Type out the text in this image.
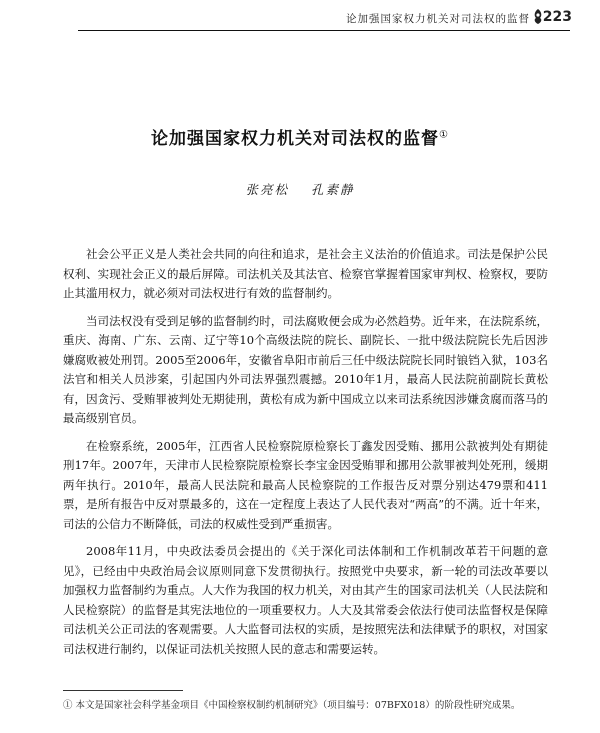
论加强国家权力机关对司法权的监督 223
论加强国家权力机关对司法权的监督①
张亮松 孔素静

社会公平正义是人类社会共同的向往和追求，是社会主义法治的价值追求。司法是保护公民权利、实现社会正义的最后屏障。司法机关及其法官、检察官掌握着国家审判权、检察权，要防止其滥用权力，就必须对司法权进行有效的监督制约。

当司法权没有受到足够的监督制约时，司法腐败便会成为必然趋势。近年来，在法院系统，重庆、海南、广东、云南、辽宁等10个高级法院的院长、副院长、一批中级法院院长先后因涉嫌腐败被处刑罚。2005至2006年，安徽省阜阳市前后三任中级法院院长同时锒铛入狱，103名法官和相关人员涉案，引起国内外司法界强烈震撼。2010年1月，最高人民法院前副院长黄松有，因贪污、受贿罪被判处无期徒刑，黄松有成为新中国成立以来司法系统因涉嫌贪腐而落马的最高级别官员。

在检察系统，2005年，江西省人民检察院原检察长丁鑫发因受贿、挪用公款被判处有期徒刑17年。2007年，天津市人民检察院原检察长李宝金因受贿罪和挪用公款罪被判处死刑，缓期两年执行。2010年，最高人民法院和最高人民检察院的工作报告反对票分别达479票和411票，是所有报告中反对票最多的，这在一定程度上表达了人民代表对“两高”的不满。近十年来，司法的公信力不断降低，司法的权威性受到严重损害。

2008年11月，中央政法委员会提出的《关于深化司法体制和工作机制改革若干问题的意见》，已经由中央政治局会议原则同意下发贯彻执行。按照党中央要求，新一轮的司法改革要以加强权力监督制约为重点。人大作为我国的权力机关，对由其产生的国家司法机关（人民法院和人民检察院）的监督是其宪法地位的一项重要权力。人大及其常委会依法行使司法监督权是保障司法机关公正司法的客观需要。人大监督司法权的实质，是按照宪法和法律赋予的职权，对国家司法权进行制约，以保证司法机关按照人民的意志和需要运转。

① 本文是国家社会科学基金项目《中国检察权制约机制研究》（项目编号：07BFX018）的阶段性研究成果。
